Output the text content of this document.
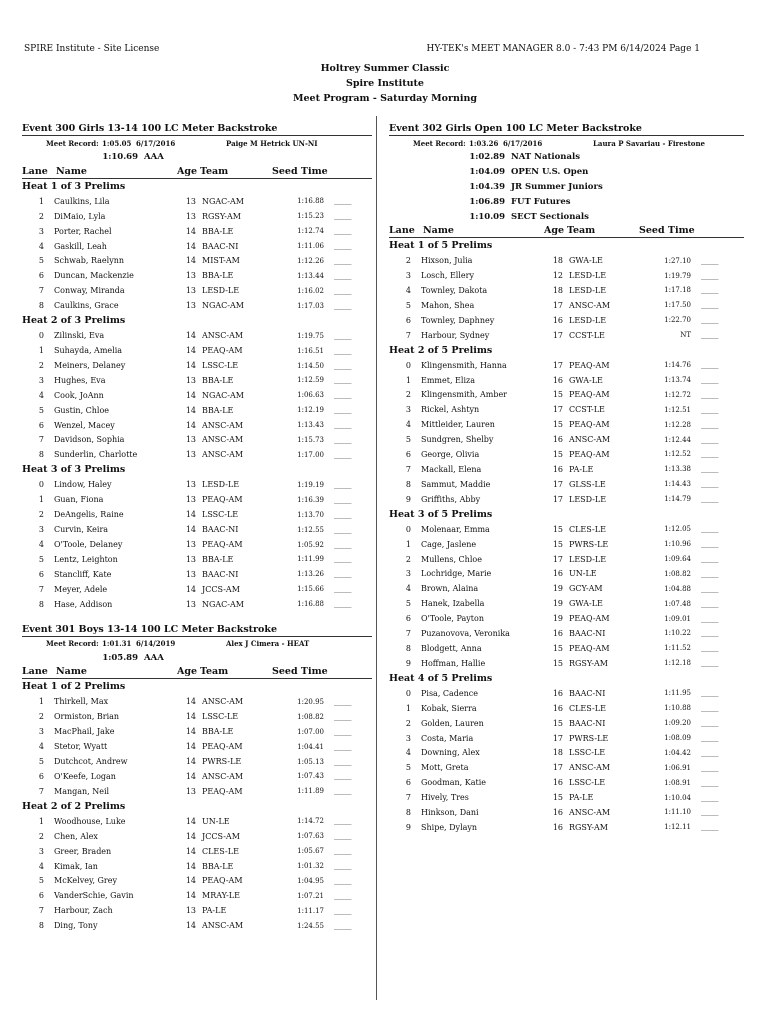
SPIRE Institute - Site License	HY-TEK's MEET MANAGER 8.0 - 7:43 PM 6/14/2024 Page 1
Holtrey Summer Classic
Spire Institute
Meet Program - Saturday Morning
Event 300 Girls 13-14 100 LC Meter Backstroke
Meet Record: 1:05.05 6/17/2016	Paige M Hetrick UN-NI
1:10.69 AAA
Lane Name	Age Team	Seed Time
Heat 1 of 3 Prelims
1	Caulkins, Lila	13 NGAC-AM	1:16.88	_____
2	DiMaio, Lyla	13 RGSY-AM	1:15.23	_____
3	Porter, Rachel	14 BBA-LE	1:12.74	_____
4	Gaskill, Leah	14 BAAC-NI	1:11.06	_____
5	Schwab, Raelynn	14 MIST-AM	1:12.26	_____
6	Duncan, Mackenzie	13 BBA-LE	1:13.44	_____
7	Conway, Miranda	13 LESD-LE	1:16.02	_____
8	Caulkins, Grace	13 NGAC-AM	1:17.03	_____
Heat 2 of 3 Prelims
0	Zilinski, Eva	14 ANSC-AM	1:19.75	_____
1	Suhayda, Amelia	14 PEAQ-AM	1:16.51	_____
2	Meiners, Delaney	14 LSSC-LE	1:14.50	_____
3	Hughes, Eva	13 BBA-LE	1:12.59	_____
4	Cook, JoAnn	14 NGAC-AM	1:06.63	_____
5	Gustin, Chloe	14 BBA-LE	1:12.19	_____
6	Wenzel, Macey	14 ANSC-AM	1:13.43	_____
7	Davidson, Sophia	13 ANSC-AM	1:15.73	_____
8	Sunderlin, Charlotte	13 ANSC-AM	1:17.00	_____
Heat 3 of 3 Prelims
0	Lindow, Haley	13 LESD-LE	1:19.19	_____
1	Guan, Fiona	13 PEAQ-AM	1:16.39	_____
2	DeAngelis, Raine	14 LSSC-LE	1:13.70	_____
3	Curvin, Keira	14 BAAC-NI	1:12.55	_____
4	O'Toole, Delaney	13 PEAQ-AM	1:05.92	_____
5	Lentz, Leighton	13 BBA-LE	1:11.99	_____
6	Stancliff, Kate	13 BAAC-NI	1:13.26	_____
7	Meyer, Adele	14 JCCS-AM	1:15.66	_____
8	Hase, Addison	13 NGAC-AM	1:16.88	_____
Event 301 Boys 13-14 100 LC Meter Backstroke
Meet Record: 1:01.31 6/14/2019	Alex J Cimera - HEAT
1:05.89 AAA
Lane Name	Age Team	Seed Time
Heat 1 of 2 Prelims
1	Thirkell, Max	14 ANSC-AM	1:20.95	_____
2	Ormiston, Brian	14 LSSC-LE	1:08.82	_____
3	MacPhail, Jake	14 BBA-LE	1:07.00	_____
4	Stetor, Wyatt	14 PEAQ-AM	1:04.41	_____
5	Dutchcot, Andrew	14 PWRS-LE	1:05.13	_____
6	O'Keefe, Logan	14 ANSC-AM	1:07.43	_____
7	Mangan, Neil	13 PEAQ-AM	1:11.89	_____
Heat 2 of 2 Prelims
1	Woodhouse, Luke	14 UN-LE	1:14.72	_____
2	Chen, Alex	14 JCCS-AM	1:07.63	_____
3	Greer, Braden	14 CLES-LE	1:05.67	_____
4	Kimak, Ian	14 BBA-LE	1:01.32	_____
5	McKelvey, Grey	14 PEAQ-AM	1:04.95	_____
6	VanderSchie, Gavin	14 MRAY-LE	1:07.21	_____
7	Harbour, Zach	13 PA-LE	1:11.17	_____
8	Ding, Tony	14 ANSC-AM	1:24.55	_____
Event 302 Girls Open 100 LC Meter Backstroke
Meet Record: 1:03.26 6/17/2016	Laura P Savariau - Firestone
1:02.89 NAT Nationals
1:04.09 OPEN U.S. Open
1:04.39 JR Summer Juniors
1:06.89 FUT Futures
1:10.09 SECT Sectionals
Lane Name	Age Team	Seed Time
Heat 1 of 5 Prelims
2	Hixson, Julia	18 GWA-LE	1:27.10	_____
3	Losch, Ellery	12 LESD-LE	1:19.79	_____
4	Townley, Dakota	18 LESD-LE	1:17.18	_____
5	Mahon, Shea	17 ANSC-AM	1:17.50	_____
6	Townley, Daphney	16 LESD-LE	1:22.70	_____
7	Harbour, Sydney	17 CCST-LE	NT	_____
Heat 2 of 5 Prelims
0	Klingensmith, Hanna	17 PEAQ-AM	1:14.76	_____
1	Emmet, Eliza	16 GWA-LE	1:13.74	_____
2	Klingensmith, Amber	15 PEAQ-AM	1:12.72	_____
3	Rickel, Ashtyn	17 CCST-LE	1:12.51	_____
4	Mittleider, Lauren	15 PEAQ-AM	1:12.28	_____
5	Sundgren, Shelby	16 ANSC-AM	1:12.44	_____
6	George, Olivia	15 PEAQ-AM	1:12.52	_____
7	Mackall, Elena	16 PA-LE	1:13.38	_____
8	Sammut, Maddie	17 GLSS-LE	1:14.43	_____
9	Griffiths, Abby	17 LESD-LE	1:14.79	_____
Heat 3 of 5 Prelims
0	Molenaar, Emma	15 CLES-LE	1:12.05	_____
1	Cage, Jaslene	15 PWRS-LE	1:10.96	_____
2	Mullens, Chloe	17 LESD-LE	1:09.64	_____
3	Lochridge, Marie	16 UN-LE	1:08.82	_____
4	Brown, Alaina	19 GCY-AM	1:04.88	_____
5	Hanek, Izabella	19 GWA-LE	1:07.48	_____
6	O'Toole, Payton	19 PEAQ-AM	1:09.01	_____
7	Puzanovova, Veronika	16 BAAC-NI	1:10.22	_____
8	Blodgett, Anna	15 PEAQ-AM	1:11.52	_____
9	Hoffman, Hallie	15 RGSY-AM	1:12.18	_____
Heat 4 of 5 Prelims
0	Pisa, Cadence	16 BAAC-NI	1:11.95	_____
1	Kobak, Sierra	16 CLES-LE	1:10.88	_____
2	Golden, Lauren	15 BAAC-NI	1:09.20	_____
3	Costa, Maria	17 PWRS-LE	1:08.09	_____
4	Downing, Alex	18 LSSC-LE	1:04.42	_____
5	Mott, Greta	17 ANSC-AM	1:06.91	_____
6	Goodman, Katie	16 LSSC-LE	1:08.91	_____
7	Hively, Tres	15 PA-LE	1:10.04	_____
8	Hinkson, Dani	16 ANSC-AM	1:11.10	_____
9	Shipe, Dylayn	16 RGSY-AM	1:12.11	_____
